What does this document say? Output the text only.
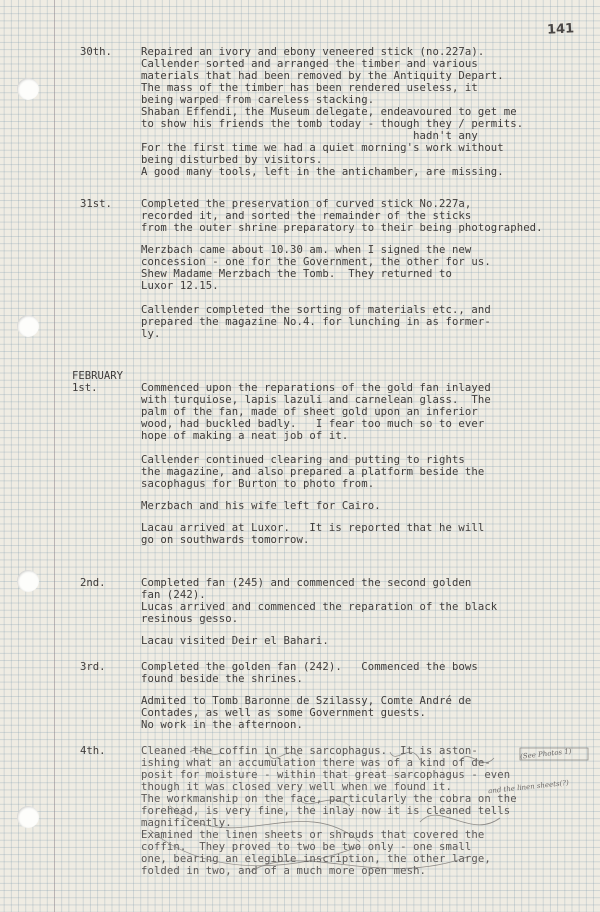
141
30th.	Repaired an ivory and ebony veneered stick (no.227a).
Callender sorted and arranged the timber and various
materials that had been removed by the Antiquity Depart.
The mass of the timber has been rendered useless, it
being warped from careless stacking.
Shaban Effendi, the Museum delegate, endeavoured to get me
to show his friends the tomb today - though they / permits.
hadn't any
For the first time we had a quiet morning's work without
being disturbed by visitors.
A good many tools, left in the antichamber, are missing.
31st.	Completed the preservation of curved stick No.227a,
recorded it, and sorted the remainder of the sticks
from the outer shrine preparatory to their being photographed.
Merzbach came about 10.30 am. when I signed the new
concession - one for the Government, the other for us.
Shew Madame Merzbach the Tomb.  They returned to
Luxor 12.15.
Callender completed the sorting of materials etc., and
prepared the magazine No.4. for lunching in as former-
ly.
FEBRUARY
1st.	Commenced upon the reparations of the gold fan inlayed
with turquiose, lapis lazuli and carnelean glass.  The
palm of the fan, made of sheet gold upon an inferior
wood, had buckled badly.   I fear too much so to ever
hope of making a neat job of it.
Callender continued clearing and putting to rights
the magazine, and also prepared a platform beside the
sacophagus for Burton to photo from.
Merzbach and his wife left for Cairo.
Lacau arrived at Luxor.   It is reported that he will
go on southwards tomorrow.
2nd.	Completed fan (245) and commenced the second golden
fan (242).
Lucas arrived and commenced the reparation of the black
resinous gesso.
Lacau visited Deir el Bahari.
3rd.	Completed the golden fan (242).   Commenced the bows
found beside the shrines.
Admited to Tomb Baronne de Szilassy, Comte André de
Contades, as well as some Government guests.
No work in the afternoon.
4th.	Cleaned the coffin in the sarcophagus.  It is aston-
ishing what an accumulation there was of a kind of de-
posit for moisture - within that great sarcophagus - even
though it was closed very well when we found it.
The workmanship on the face, particularly the cobra on the
forehead, is very fine, the inlay now it is cleaned tells
magnificently.
Examined the linen sheets or shrouds that covered the
coffin.  They proved to two be two only - one small
one, bearing an elegible inscription, the other large,
folded in two, and of a much more open mesh.
(See Photos 1)
and the linen sheets(?)
